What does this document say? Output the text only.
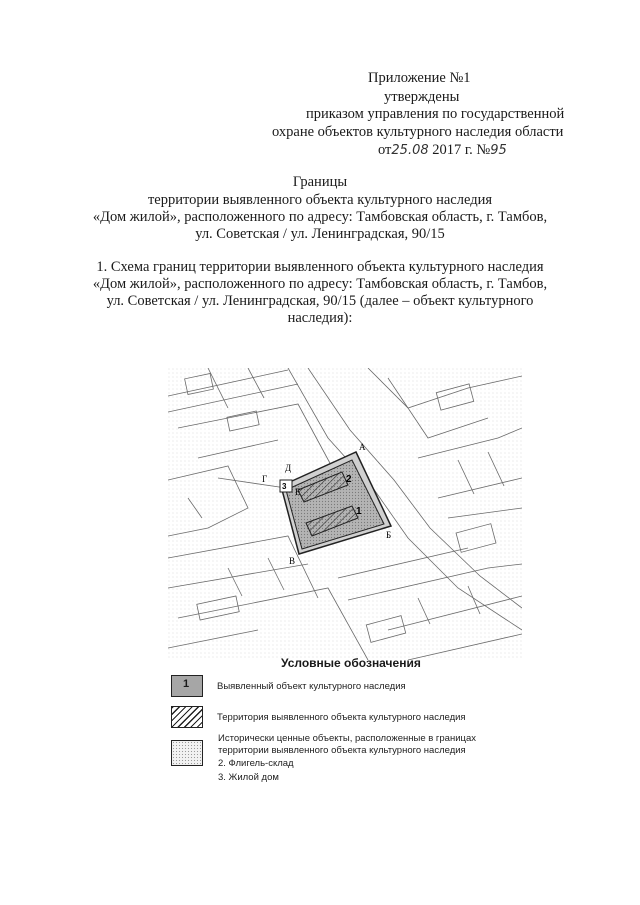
Приложение №1
утверждены
приказом управления по государственной
охране объектов культурного наследия области
от25.08 2017 г. №95
Границы
территории выявленного объекта культурного наследия
«Дом жилой», расположенного по адресу: Тамбовская область, г. Тамбов,
ул. Советская / ул. Ленинградская, 90/15
1. Схема границ территории выявленного объекта культурного наследия
«Дом жилой», расположенного по адресу: Тамбовская область, г. Тамбов,
ул. Советская / ул. Ленинградская, 90/15 (далее – объект культурного
наследия):
А
Б
В
Г
Д
Е
2
1
3
Условные обозначения
1	Выявленный объект культурного наследия
Территория выявленного объекта культурного наследия
Исторически ценные объекты, расположенные в границах
территории выявленного объекта культурного наследия
2. Флигель-склад
3. Жилой дом
